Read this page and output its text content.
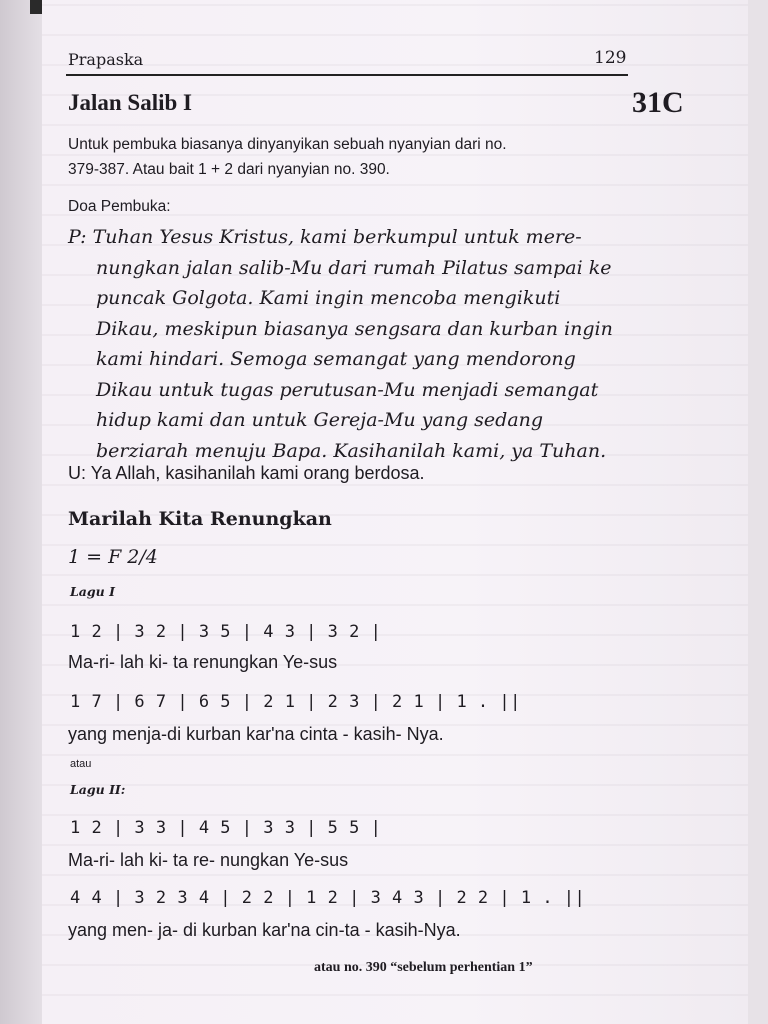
Prapaska	129
Jalan Salib I	31C
Untuk pembuka biasanya dinyanyikan sebuah nyanyian dari no.
379-387. Atau bait 1 + 2 dari nyanyian no. 390.
Doa Pembuka:
P: Tuhan Yesus Kristus, kami berkumpul untuk mere-
nungkan jalan salib-Mu dari rumah Pilatus sampai ke
puncak Golgota. Kami ingin mencoba mengikuti
Dikau, meskipun biasanya sengsara dan kurban ingin
kami hindari. Semoga semangat yang mendorong
Dikau untuk tugas perutusan-Mu menjadi semangat
hidup kami dan untuk Gereja-Mu yang sedang
berziarah menuju Bapa. Kasihanilah kami, ya Tuhan.
U: Ya Allah, kasihanilah kami orang berdosa.
Marilah Kita Renungkan
1 = F 2/4
Lagu I
1 2 | 3 2 | 3 5 | 4 3 | 3 2 |
Ma-ri- lah ki- ta renungkan Ye-sus
1 7 | 6 7 | 6 5 | 2 1 | 2 3 | 2 1 | 1 . ||
yang menja-di kurban kar'na cinta - kasih- Nya.
atau
Lagu II:
1 2 | 3 3 | 4 5 | 3 3 | 5 5 |
Ma-ri- lah ki- ta re- nungkan Ye-sus
4 4 | 3 2 3 4 | 2 2 | 1 2 | 3 4 3 | 2 2 | 1 . ||
yang men- ja- di kurban kar'na cin-ta - kasih-Nya.
atau no. 390 “sebelum perhentian 1”
